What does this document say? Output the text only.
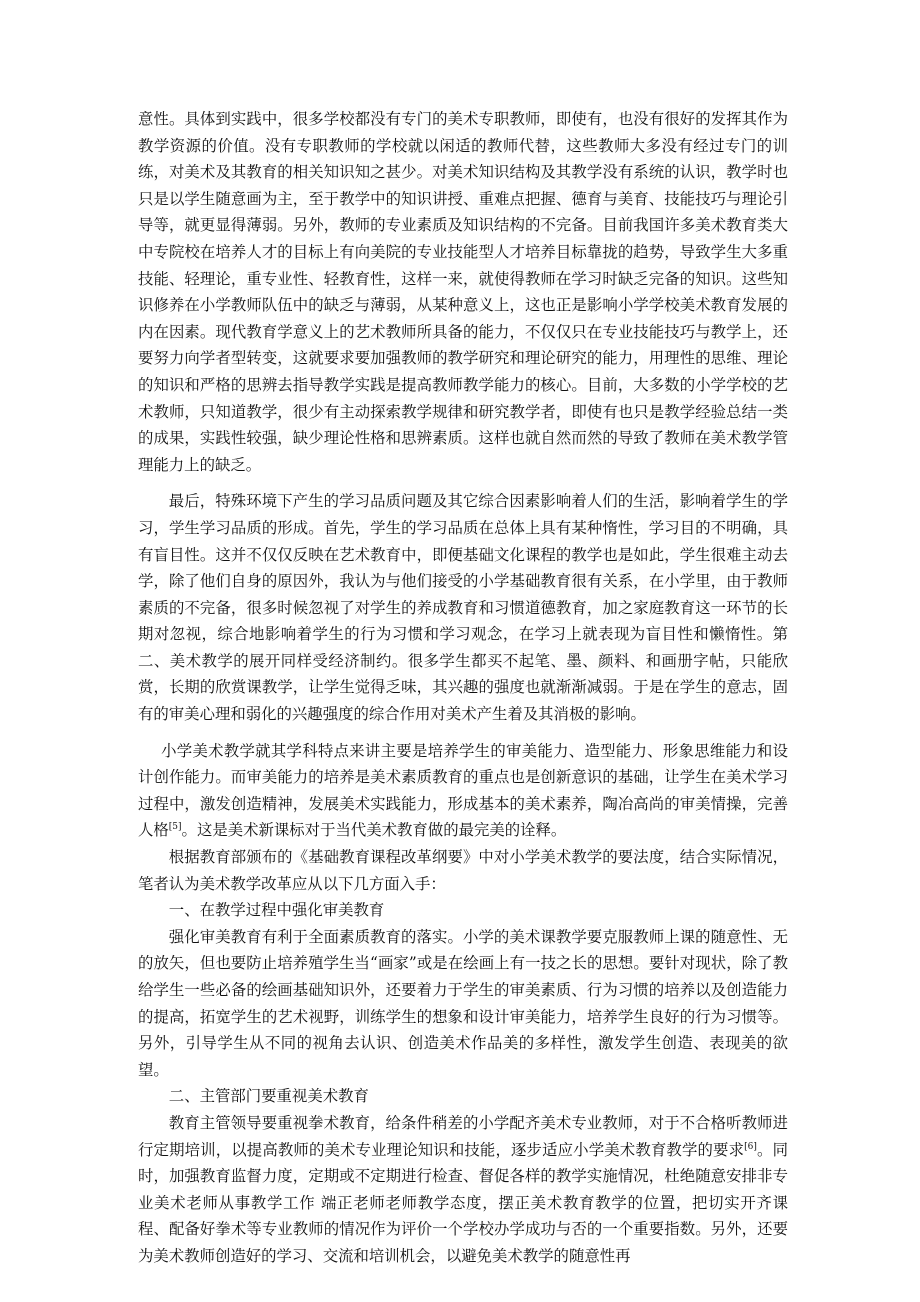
意性。具体到实践中，很多学校都没有专门的美术专职教师，即使有，也没有很好的发挥其作为教学资源的价值。没有专职教师的学校就以闲适的教师代替，这些教师大多没有经过专门的训练，对美术及其教育的相关知识知之甚少。对美术知识结构及其教学没有系统的认识，教学时也只是以学生随意画为主，至于教学中的知识讲授、重难点把握、德育与美育、技能技巧与理论引导等，就更显得薄弱。另外，教师的专业素质及知识结构的不完备。目前我国许多美术教育类大中专院校在培养人才的目标上有向美院的专业技能型人才培养目标靠拢的趋势，导致学生大多重技能、轻理论，重专业性、轻教育性，这样一来，就使得教师在学习时缺乏完备的知识。这些知识修养在小学教师队伍中的缺乏与薄弱，从某种意义上，这也正是影响小学学校美术教育发展的内在因素。现代教育学意义上的艺术教师所具备的能力，不仅仅只在专业技能技巧与教学上，还要努力向学者型转变，这就要求要加强教师的教学研究和理论研究的能力，用理性的思维、理论的知识和严格的思辨去指导教学实践是提高教师教学能力的核心。目前，大多数的小学学校的艺术教师，只知道教学，很少有主动探索教学规律和研究教学者，即使有也只是教学经验总结一类的成果，实践性较强，缺少理论性格和思辨素质。这样也就自然而然的导致了教师在美术教学管理能力上的缺乏。

最后，特殊环境下产生的学习品质问题及其它综合因素影响着人们的生活，影响着学生的学习，学生学习品质的形成。首先，学生的学习品质在总体上具有某种惰性，学习目的不明确，具有盲目性。这并不仅仅反映在艺术教育中，即便基础文化课程的教学也是如此，学生很难主动去学，除了他们自身的原因外，我认为与他们接受的小学基础教育很有关系，在小学里，由于教师素质的不完备，很多时候忽视了对学生的养成教育和习惯道德教育，加之家庭教育这一环节的长期对忽视，综合地影响着学生的行为习惯和学习观念，在学习上就表现为盲目性和懒惰性。第二、美术教学的展开同样受经济制约。很多学生都买不起笔、墨、颜料、和画册字帖，只能欣赏，长期的欣赏课教学，让学生觉得乏味，其兴趣的强度也就渐渐减弱。于是在学生的意志，固有的审美心理和弱化的兴趣强度的综合作用对美术产生着及其消极的影响。

小学美术教学就其学科特点来讲主要是培养学生的审美能力、造型能力、形象思维能力和设计创作能力。而审美能力的培养是美术素质教育的重点也是创新意识的基础，让学生在美术学习过程中，激发创造精神，发展美术实践能力，形成基本的美术素养，陶冶高尚的审美情操，完善人格[5]。这是美术新课标对于当代美术教育做的最完美的诠释。

根据教育部颁布的《基础教育课程改革纲要》中对小学美术教学的要法度，结合实际情况，笔者认为美术教学改革应从以下几方面入手：

一、在教学过程中强化审美教育

强化审美教育有利于全面素质教育的落实。小学的美术课教学要克服教师上课的随意性、无的放矢，但也要防止培养殖学生当“画家”或是在绘画上有一技之长的思想。要针对现状，除了教给学生一些必备的绘画基础知识外，还要着力于学生的审美素质、行为习惯的培养以及创造能力的提高，拓宽学生的艺术视野，训练学生的想象和设计审美能力，培养学生良好的行为习惯等。另外，引导学生从不同的视角去认识、创造美术作品美的多样性，激发学生创造、表现美的欲望。

二、主管部门要重视美术教育

教育主管领导要重视拳术教育，给条件稍差的小学配齐美术专业教师，对于不合格听教师进行定期培训，以提高教师的美术专业理论知识和技能，逐步适应小学美术教育教学的要求[6]。同时，加强教育监督力度，定期或不定期进行检查、督促各样的教学实施情况，杜绝随意安排非专业美术老师从事教学工作 端正老师老师教学态度，摆正美术教育教学的位置，把切实开齐课程、配备好拳术等专业教师的情况作为评价一个学校办学成功与否的一个重要指数。另外，还要为美术教师创造好的学习、交流和培训机会，以避免美术教学的随意性再
